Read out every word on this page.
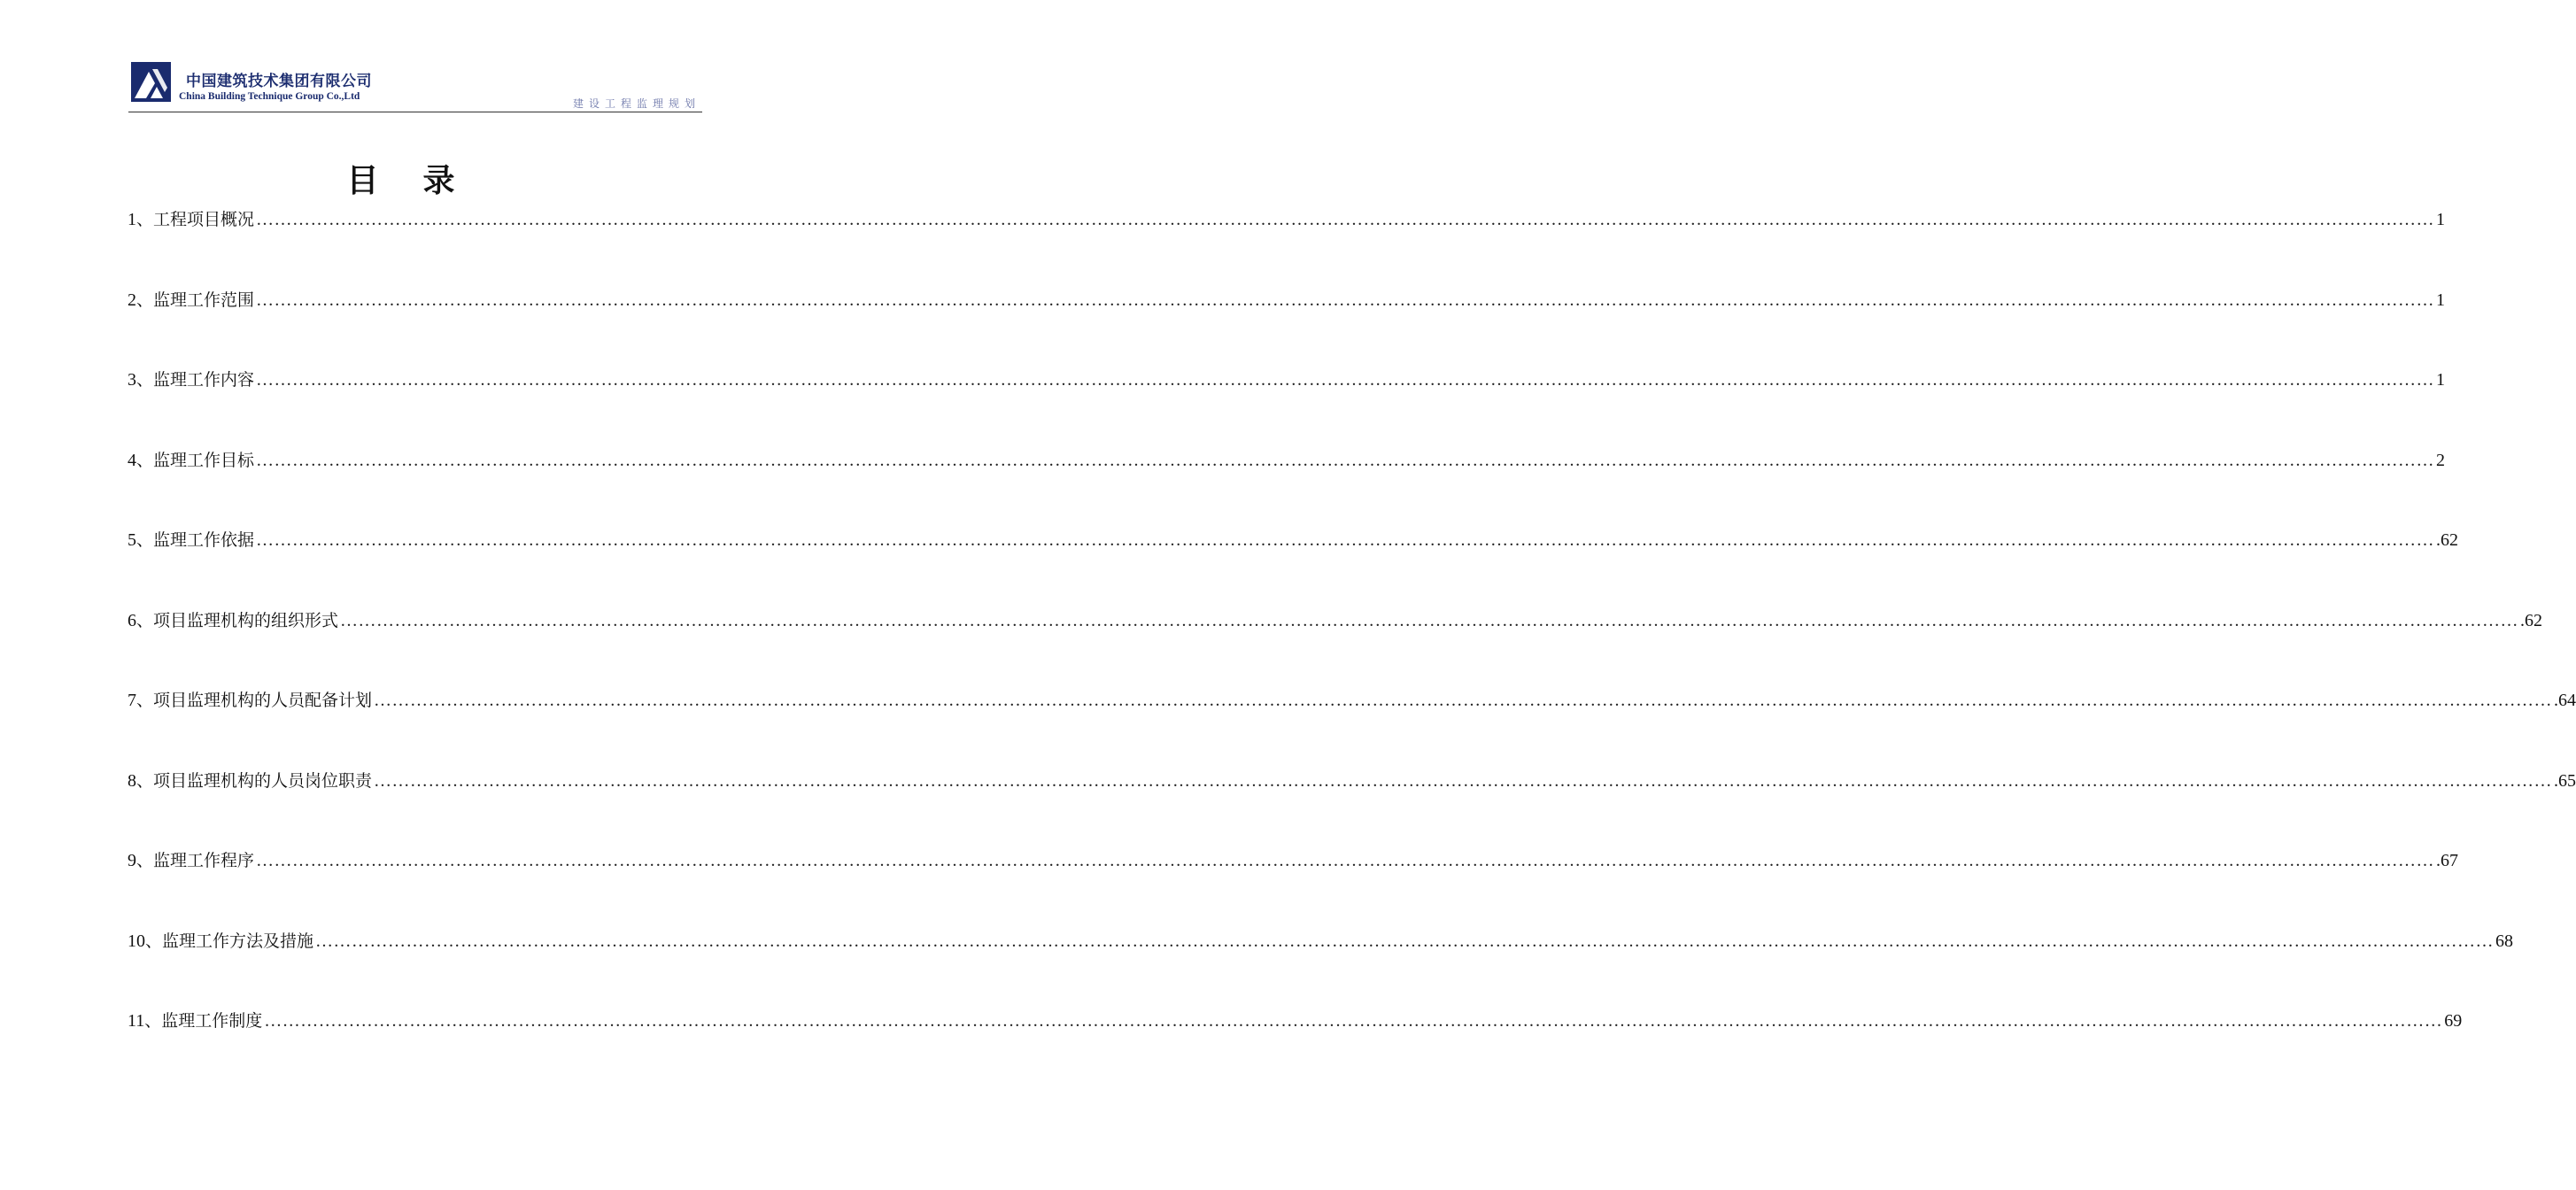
中国建筑技术集团有限公司
China Building Technique Group Co.,Ltd
建设工程监理规划
目录
1、工程项目概况 ……………………………………………………………………………………………………………………………………………………………………………………………………………………………………………………………………………………………………………………………… 1
2、监理工作范围 ……………………………………………………………………………………………………………………………………………………………………………………………………………………………………………………………………………………………………………………………… 1
3、监理工作内容 ……………………………………………………………………………………………………………………………………………………………………………………………………………………………………………………………………………………………………………………………… 1
4、监理工作目标 ……………………………………………………………………………………………………………………………………………………………………………………………………………………………………………………………………………………………………………………………… 2
5、监理工作依据 ……………………………………………………………………………………………………………………………………………………………………………………………………………………………………………………………………………………………………………………………… .62
6、项目监理机构的组织形式 ……………………………………………………………………………………………………………………………………………………………………………………………………………………………………………………………………………………………………………………………… .62
7、项目监理机构的人员配备计划 ……………………………………………………………………………………………………………………………………………………………………………………………………………………………………………………………………………………………………………………………… .64
8、项目监理机构的人员岗位职责 ……………………………………………………………………………………………………………………………………………………………………………………………………………………………………………………………………………………………………………………………… .65
9、监理工作程序 ……………………………………………………………………………………………………………………………………………………………………………………………………………………………………………………………………………………………………………………………… .67
10、监理工作方法及措施 ……………………………………………………………………………………………………………………………………………………………………………………………………………………………………………………………………………………………………………………………… 68
11、监理工作制度 ……………………………………………………………………………………………………………………………………………………………………………………………………………………………………………………………………………………………………………………………… 69
